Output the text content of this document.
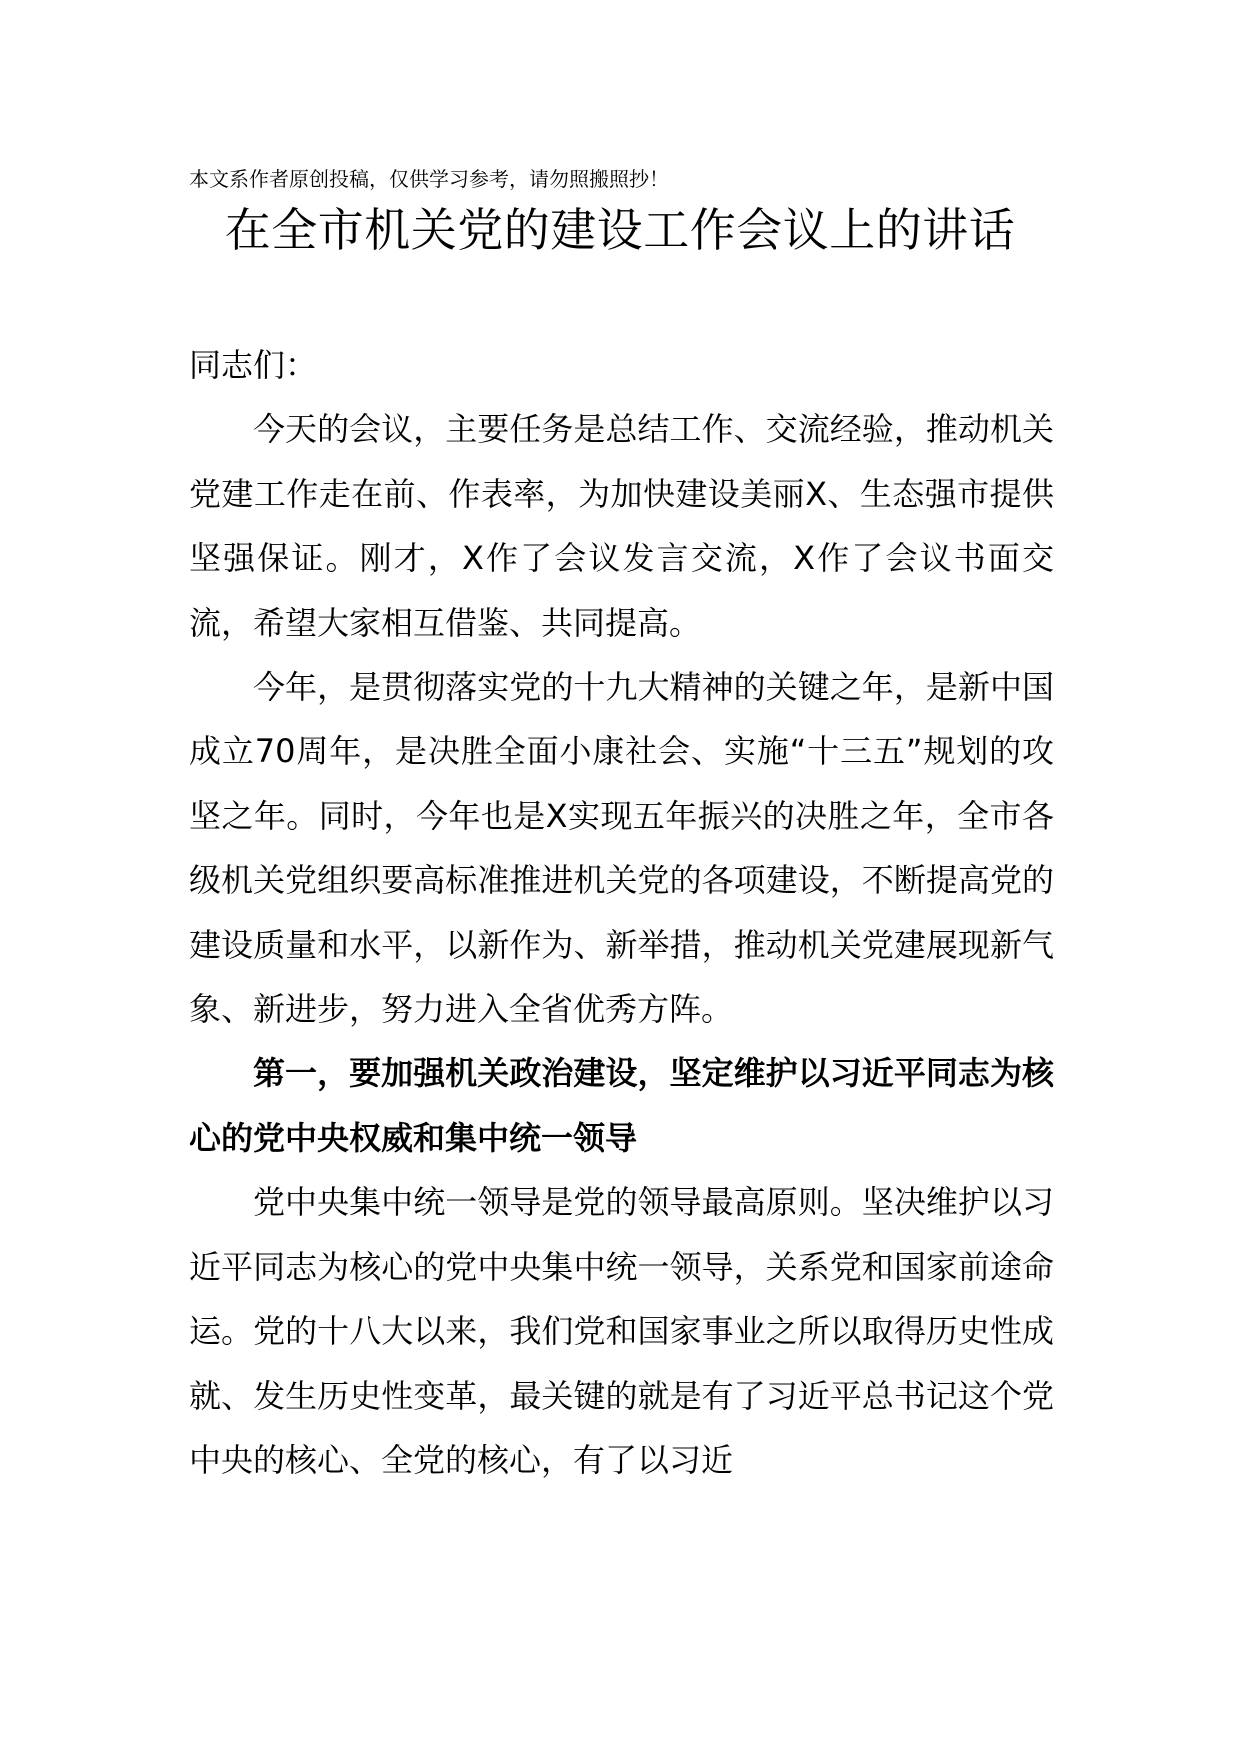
本文系作者原创投稿，仅供学习参考，请勿照搬照抄！
在全市机关党的建设工作会议上的讲话

同志们：

今天的会议，主要任务是总结工作、交流经验，推动机关党建工作走在前、作表率，为加快建设美丽X、生态强市提供坚强保证。刚才，X作了会议发言交流，X作了会议书面交流，希望大家相互借鉴、共同提高。

今年，是贯彻落实党的十九大精神的关键之年，是新中国成立70周年，是决胜全面小康社会、实施“十三五”规划的攻坚之年。同时，今年也是X实现五年振兴的决胜之年，全市各级机关党组织要高标准推进机关党的各项建设，不断提高党的建设质量和水平，以新作为、新举措，推动机关党建展现新气象、新进步，努力进入全省优秀方阵。

第一，要加强机关政治建设，坚定维护以习近平同志为核心的党中央权威和集中统一领导

党中央集中统一领导是党的领导最高原则。坚决维护以习近平同志为核心的党中央集中统一领导，关系党和国家前途命运。党的十八大以来，我们党和国家事业之所以取得历史性成就、发生历史性变革，最关键的就是有了习近平总书记这个党中央的核心、全党的核心，有了以习近
